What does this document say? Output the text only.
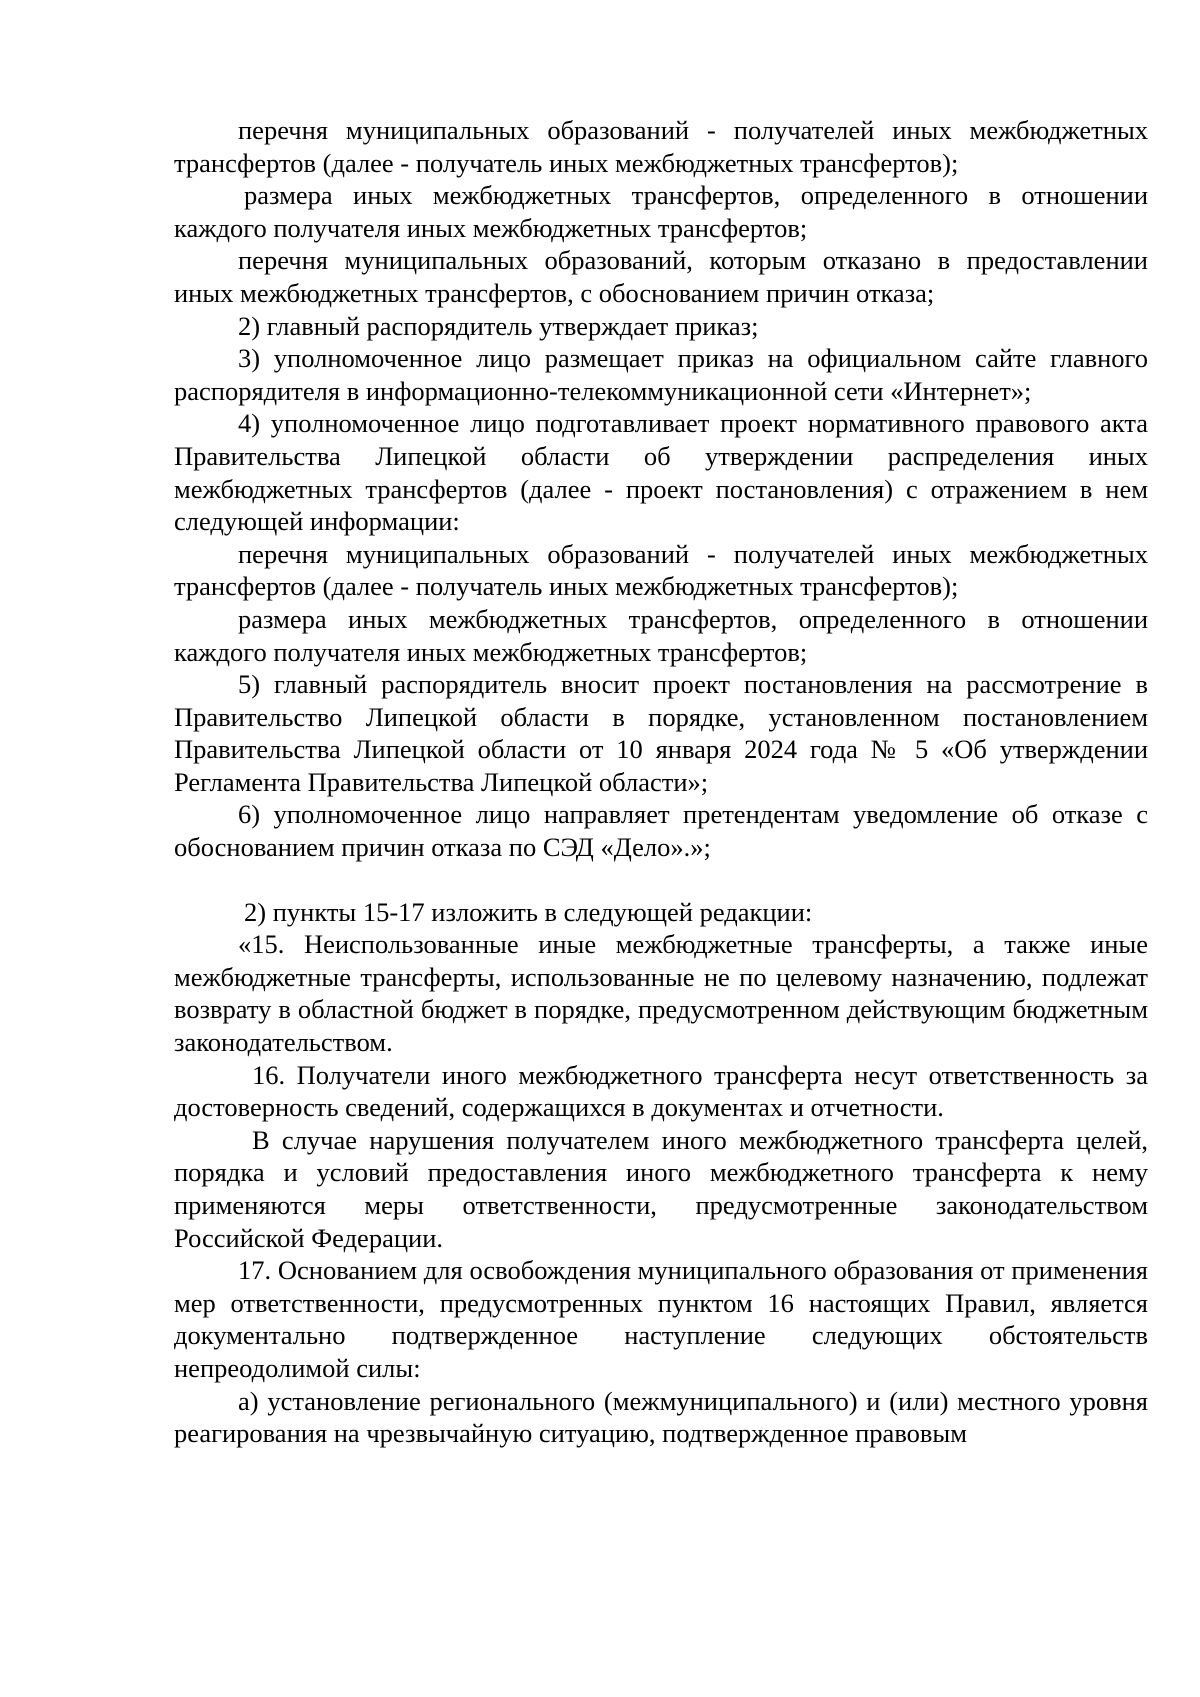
перечня муниципальных образований - получателей иных межбюджетных трансфертов (далее - получатель иных межбюджетных трансфертов);

размера иных межбюджетных трансфертов, определенного в отношении каждого получателя иных межбюджетных трансфертов;

перечня муниципальных образований, которым отказано в предоставлении иных межбюджетных трансфертов, с обоснованием причин отказа;

2) главный распорядитель утверждает приказ;

3) уполномоченное лицо размещает приказ на официальном сайте главного распорядителя в информационно-телекоммуникационной сети «Интернет»;

4) уполномоченное лицо подготавливает проект нормативного правового акта Правительства Липецкой области об утверждении распределения иных межбюджетных трансфертов (далее - проект постановления) с отражением в нем следующей информации:

перечня муниципальных образований - получателей иных межбюджетных трансфертов (далее - получатель иных межбюджетных трансфертов);

размера иных межбюджетных трансфертов, определенного в отношении каждого получателя иных межбюджетных трансфертов;

5) главный распорядитель вносит проект постановления на рассмотрение в Правительство Липецкой области в порядке, установленном постановлением Правительства Липецкой области от 10 января 2024 года № 5 «Об утверждении Регламента Правительства Липецкой области»;

6) уполномоченное лицо направляет претендентам уведомление об отказе с обоснованием причин отказа по СЭД «Дело».»;

2) пункты 15-17 изложить в следующей редакции:

«15. Неиспользованные иные межбюджетные трансферты, а также иные межбюджетные трансферты, использованные не по целевому назначению, подлежат возврату в областной бюджет в порядке, предусмотренном действующим бюджетным законодательством.

16. Получатели иного межбюджетного трансферта несут ответственность за достоверность сведений, содержащихся в документах и отчетности.

В случае нарушения получателем иного межбюджетного трансферта целей, порядка и условий предоставления иного межбюджетного трансферта к нему применяются меры ответственности, предусмотренные законодательством Российской Федерации.

17. Основанием для освобождения муниципального образования от применения мер ответственности, предусмотренных пунктом 16 настоящих Правил, является документально подтвержденное наступление следующих обстоятельств непреодолимой силы:

а) установление регионального (межмуниципального) и (или) местного уровня реагирования на чрезвычайную ситуацию, подтвержденное правовым
